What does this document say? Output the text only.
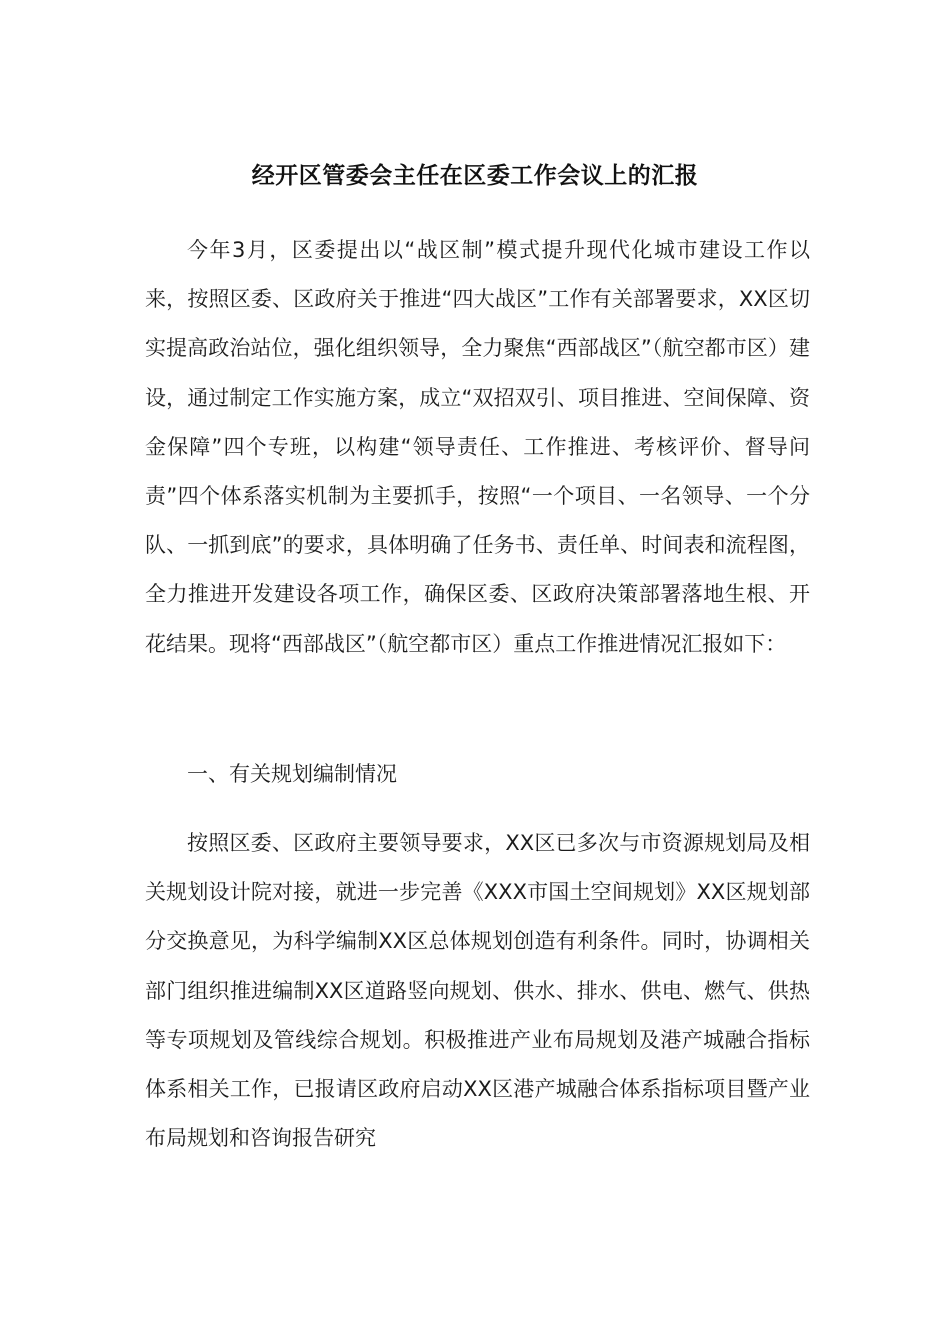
经开区管委会主任在区委工作会议上的汇报

今年3月，区委提出以“战区制”模式提升现代化城市建设工作以来，按照区委、区政府关于推进“四大战区”工作有关部署要求，XX区切实提高政治站位，强化组织领导，全力聚焦“西部战区”（航空都市区）建设，通过制定工作实施方案，成立“双招双引、项目推进、空间保障、资金保障”四个专班，以构建“领导责任、工作推进、考核评价、督导问责”四个体系落实机制为主要抓手，按照“一个项目、一名领导、一个分队、一抓到底”的要求，具体明确了任务书、责任单、时间表和流程图，全力推进开发建设各项工作，确保区委、区政府决策部署落地生根、开花结果。现将“西部战区”（航空都市区）重点工作推进情况汇报如下：

一、有关规划编制情况

按照区委、区政府主要领导要求，XX区已多次与市资源规划局及相关规划设计院对接，就进一步完善《XXX市国土空间规划》XX区规划部分交换意见，为科学编制XX区总体规划创造有利条件。同时，协调相关部门组织推进编制XX区道路竖向规划、供水、排水、供电、燃气、供热等专项规划及管线综合规划。积极推进产业布局规划及港产城融合指标体系相关工作，已报请区政府启动XX区港产城融合体系指标项目暨产业布局规划和咨询报告研究
